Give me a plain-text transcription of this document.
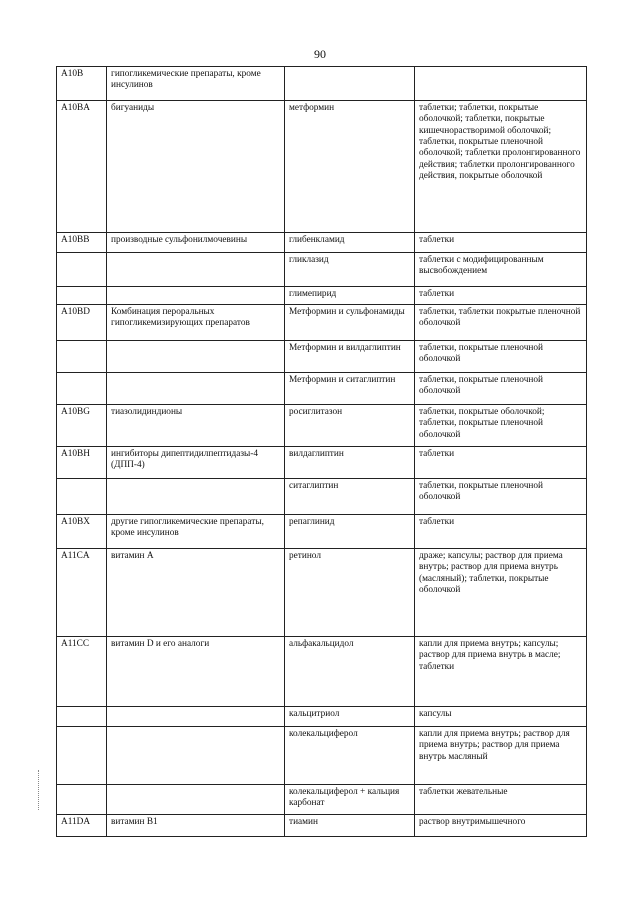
90
A10B	гипогликемические препараты, кроме инсулинов		
A10BA	бигуаниды	метформин	таблетки; таблетки, покрытые оболочкой; таблетки, покрытые кишечнорастворимой оболочкой; таблетки, покрытые пленочной оболочкой; таблетки пролонгированного действия; таблетки пролонгированного действия, покрытые оболочкой
A10BB	производные сульфонилмочевины	глибенкламид	таблетки
		гликлазид	таблетки с модифицированным высвобождением
		глимепирид	таблетки
A10BD	Комбинация пероральных гипогликемизирующих препаратов	Метформин и сульфонамиды	таблетки, таблетки покрытые пленочной оболочкой
		Метформин и вилдаглиптин	таблетки, покрытые пленочной оболочкой
		Метформин и ситаглиптин	таблетки, покрытые пленочной оболочкой
A10BG	тиазолидиндионы	росиглитазон	таблетки, покрытые оболочкой; таблетки, покрытые пленочной оболочкой
A10BH	ингибиторы дипептидилпептидазы-4 (ДПП-4)	вилдаглиптин	таблетки
		ситаглиптин	таблетки, покрытые пленочной оболочкой
A10BX	другие гипогликемические препараты, кроме инсулинов	репаглинид	таблетки
A11CA	витамин А	ретинол	драже; капсулы; раствор для приема внутрь; раствор для приема внутрь (масляный); таблетки, покрытые оболочкой
A11CC	витамин D и его аналоги	альфакальцидол	капли для приема внутрь; капсулы; раствор для приема внутрь в масле; таблетки
		кальцитриол	капсулы
		колекальциферол	капли для приема внутрь; раствор для приема внутрь; раствор для приема внутрь масляный
		колекальциферол + кальция карбонат	таблетки жевательные
A11DA	витамин В1	тиамин	раствор внутримышечного
